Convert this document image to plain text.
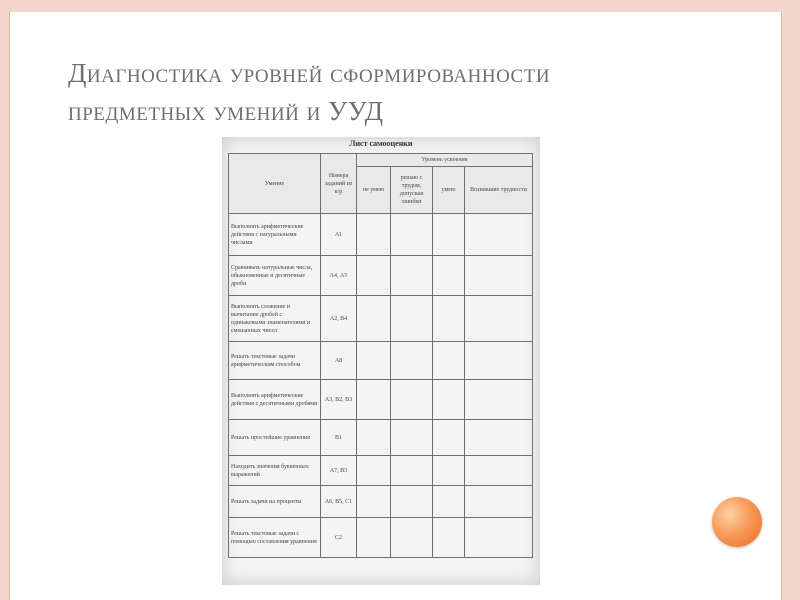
Диагностика уровней сформированности
предметных умений и УУД
Лист самооценки
Умение	Номера заданий из к/р	Уровень усвоения			
		не умею	решаю с трудом, допуская ошибки	умею	Возникшие трудности
Выполнять арифметические действия с натуральными числами	А1				
Сравнивать натуральные числа, обыкновенные и десятичные дроби	А4, А5				
Выполнять сложение и вычитание дробей с одинаковыми знаменателями и смешанных чисел	А2, В4				
Решать текстовые задачи арифметическим способом	А8				
Выполнять арифметические действия с десятичными дробями	А3, В2, В3				
Решать простейшие уравнения	В1				
Находить значения буквенных выражений	А7, В3				
Решать задачи на проценты	А6, В5, С1				
Решать текстовые задачи с помощью составления уравнения	С2				
